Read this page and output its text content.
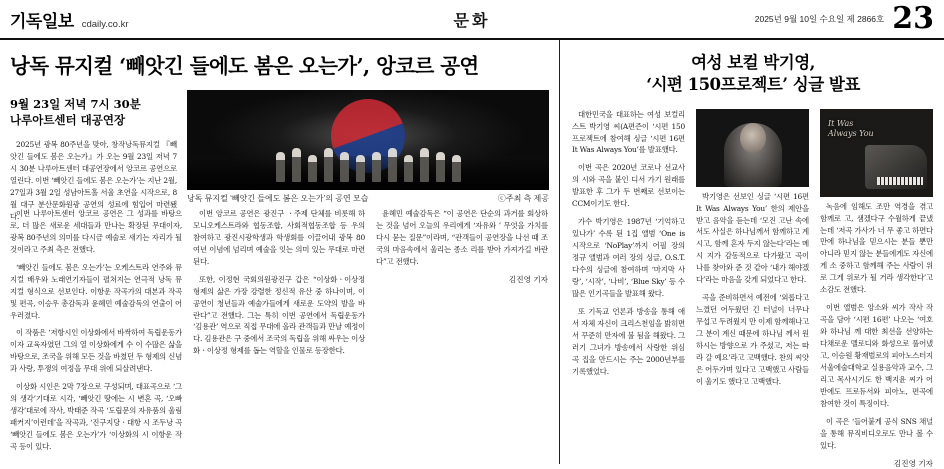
기독일보 cdaily.co.kr	문화	2025년 9월 10일 수요일 제 2866호 23
낭독 뮤지컬 ‘빼앗긴 들에도 봄은 오는가’, 앙코르 공연
9월 23일 저녁 7시 30분
나루아트센터 대공연장

2025년 광복 80주년을 맞아, 창작낭독뮤지컬 『빼앗긴 들에도 봄은 오는가』가 오는 9월 23일 저녁 7시 30분 나루아트센터 대공연장에서 앙코르 공연으로 열린다. 이번 ‘빼앗긴 들에도 봄은 오는가’는 지난 2월, 27일과 3월 2일 성남아트홀 서울 초연을 시작으로, 8월 대구 분산문화원광 공연의 성료에 힘입어 마련됐다.

낭독 뮤지컬 ‘빼앗긴 들에도 봄은 오는가’의 공연 모습	ⓒ주최 측 제공

이번 나루아트센터 앙코르 공연은 그 성과를 바탕으로, 더 많은 새로운 세대들과 만나는 확장된 무대이자, 광복 80주년의 의미를 다시금 예술로 새기는 자리가 될 것이라고 주최 측은 전했다.

‘빼앗긴 들에도 봄은 오는가’는 오케스트라 연주와 뮤지컬 배우와 노래연기자들이 펼쳐지는 연극적 낭독 뮤지컬 형식으로 선보인다. 이항운 작곡가의 대본과 작곡 및 편곡, 이승우 총감독과 윤혜민 예술감독의 연출이 어우러졌다.

이 작품은 ‘저항시인 이상화에서 바싹하여 독립운동가이자 교육자였던 그의 열 이상화에게 수 이 수많은 삶을 바탕으로, 조국을 위해 모든 것을 바쳤던 두 형제의 신념과 사랑, 투쟁의 여정을 무대 위에 되살려낸다.

이상화 시인은 2막 7장으로 구성되며, 대표곡으로 ‘그의 생각’기대로 시각, ‘빼앗긴 땅에는 시 변혼 곡, ‘오빠생각’대로에 작사, 박태준 작곡 ‘도립문의 자유품의 울림 패커지’이런데’을 작곡과, ‘진구지당ㆍ대항 시 조두낭 곡 ‘빼앗긴 들에도 봄은 오는가’가 ‘이상화의 시 이항운 작곡 등이 있다.

이번 앙코르 공연은 광진구 ㆍ주제 단체를 비롯해 하모니오케스트라와 협동조합, 사회적협동조합 등 우의 참여하고 광진시광학생과 학생회를 이끌어내 광복 80 여년 이념에 넘리며 예술을 잇는 의미 있는 무대로 마련된다.

또한, 이정현 국회의원광진구 갑은 “이상화ㆍ이상정 형제의 삶은 가장 강렬한 정신적 유산 중 하나이며, 이 공연이 청년들과 예술가들에게 새로운 도약의 발을 바란다”고 전했다. 그는 특히 이번 공연에서 독립운동가 ‘김용관’ 역으로 직접 무대에 올라 관객들과 만날 예정이다. 김용관은 구 중에서 조국의 독립을 위해 싸우는 이상화ㆍ이상정 형제를 돕는 역할을 인물로 등장한다.

윤혜민 예술감독은 “이 공연은 단순의 과거를 회상하는 것을 넘어 오늘의 우리에게 ‘자유와 ’ 무엇을 가치를 다시 묻는 질문”이라며, “관객들이 공연장을 나선 때 조국의 마음속에서 울리는 종소 리를 받아 가져가길 바란다”고 전했다.

김진영 기자
여성 보컬 박기영,
‘시편 150프로젝트’ 싱글 발표

대한민국을 대표하는 여성 보컬리스트 박기영 씨(A편즌이 ‘시편 150프로젝트에 참여해 싱글 ‘시편 16편 It Was Always You’를 발표했다.

이번 곡은 2020년 코로나 선교사의 시와 곡을 붙인 디서 가기 원래를 발표한 후 그가 두 번째로 선보이는 CCM이기도 한다.

가수 박기영은 1987년 ‘기억하고 있나가’ 수록 된 1집 앨범 ‘One is 시작으로 ‘NoPlay’까지 어필 장의 정규 앨범과 여러 장의 싱글, O.S.T. 다수의 싱글에 참여하며 ‘마지막 사랑’, ‘시작’, ‘나비’, ‘Blue Sky’ 등 수많은 인기곡들을 발표해 왔다.

또 기독교 언론과 방송을 통해 애서 자체 자신이 크리스천임을 밝히면서 꾸준히 만자에 불 됨을 해왔다. 그러기 그녀가 방송에서 사랑한 위심 곡 집을 만드시는 주는 2000년부를 기록했었다.

박기영은 선보인 싱글 ‘시편 16편 It Was Always You’ 한의 제안을 받고 음악을 듣는데 ‘모진 고난 속에서도 사실은 하나님께서 함께하고 계시고, 함께 흔자 두지 않는다’라는 메시 지가 감동적으로 다가왔고 곡이 나를 찾아와 준 것 같아 ‘내가 해야겠다’라는 마음을 갖게 되었다고 한다.

곡을 준비하면서 예전에 ‘외롭다고 느꼈던 어두웠던 긴 터널이 너무나 무섭고 두려웠지 만 이제 함께해나고 그 분이 계신 때문에 하나님 께서 원하시는 방향으로 가 주셨고, 저는 따라 갈 예요’라고 고백했다. 찬의 씨앗은 어두가며 있다고 고백했고 사람들이 울기도 했다고 고백했다.

It Was
Always You

녹음에 임해도 조만 역경을 겪고 함께로 고, 샘겠다구 수월하게 끝냈는데 ‘저곡 가사가 너 무 좋고 하면다만에 하나님을 믿으시는 분들 뿐만 아니라 믿지 않는 분들에게도 자신에게 소 중하고 함께해 주는 사람이 위로 그게 위로가 될 거라 생각한다’고 소감도 전했다.

이번 앨범은 앙소와 씨가 작사 작곡을 담아 ‘시편 16편’ 나오는 ‘여호와 하나님 께 대한 최선을 선양하는 다채로운 멜로디와 화성으로 풀어냈고, 이승원 황재벌로의 피아노스터지 서울에술대학교 실용음악과 교수, 그리고 목사시기도 한 백지윤 씨가 어반에도 프로듀서와 피아노, 편곡에 참여한 것이 특징이다.

이 곡은 ‘들어붙게 공식 SNS 채널을 통해 뮤직비디오로도 만나 볼 수 있다.

김진영 기자
